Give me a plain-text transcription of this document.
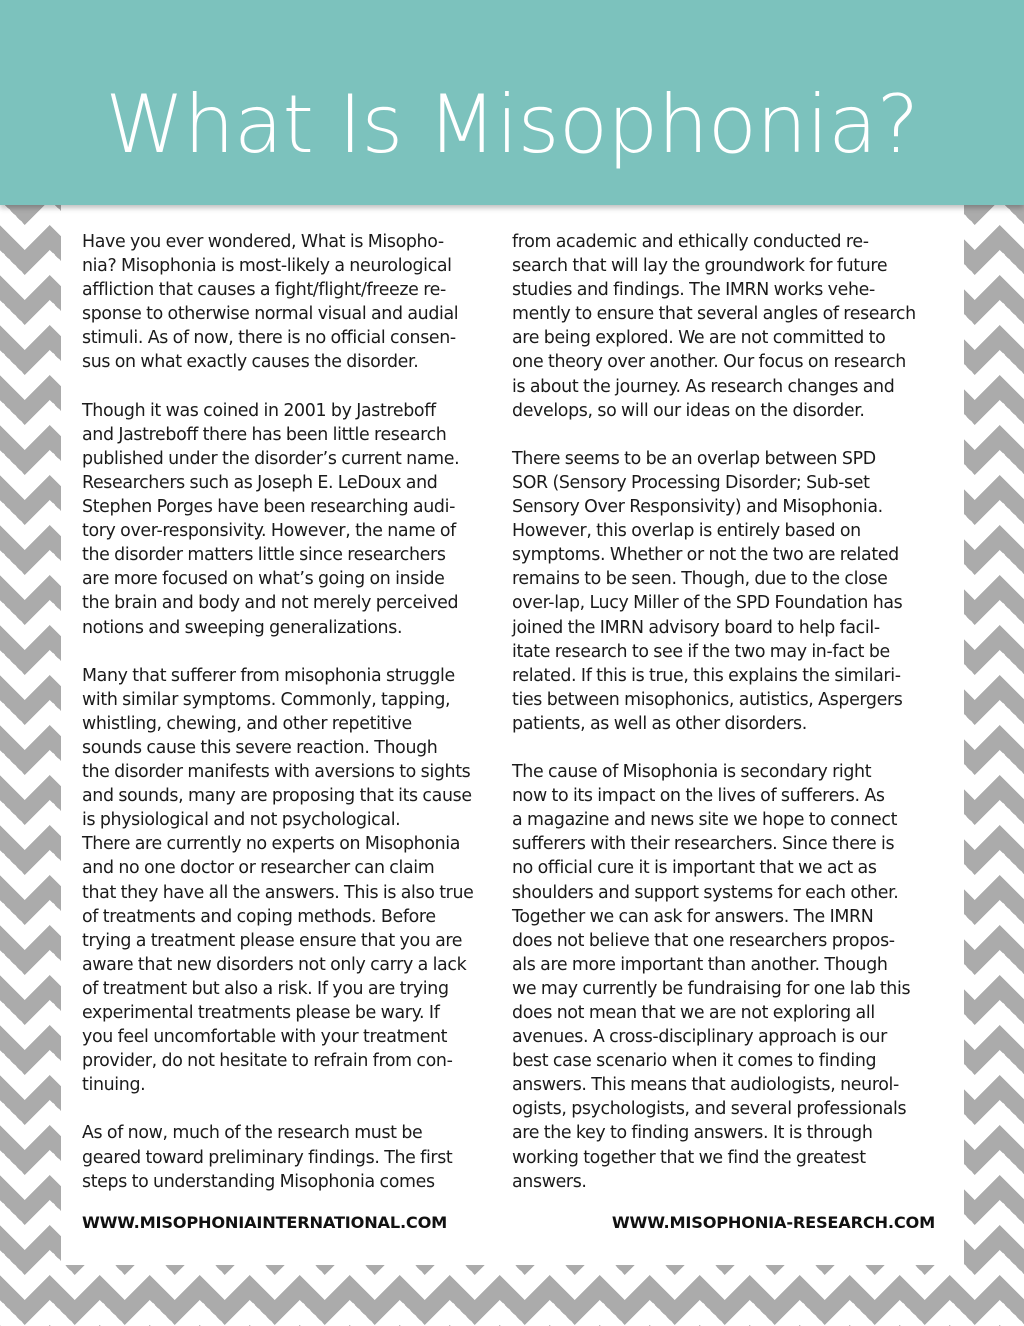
What Is Misophonia?

Have you ever wondered, What is Misopho-
nia? Misophonia is most-likely a neurological
affliction that causes a fight/flight/freeze re-
sponse to otherwise normal visual and audial
stimuli. As of now, there is no official consen-
sus on what exactly causes the disorder.

Though it was coined in 2001 by Jastreboff
and Jastreboff there has been little research
published under the disorder’s current name.
Researchers such as Joseph E. LeDoux and
Stephen Porges have been researching audi-
tory over-responsivity. However, the name of
the disorder matters little since researchers
are more focused on what’s going on inside
the brain and body and not merely perceived
notions and sweeping generalizations.

Many that sufferer from misophonia struggle
with similar symptoms. Commonly, tapping,
whistling, chewing, and other repetitive
sounds cause this severe reaction. Though
the disorder manifests with aversions to sights
and sounds, many are proposing that its cause
is physiological and not psychological.

There are currently no experts on Misophonia
and no one doctor or researcher can claim
that they have all the answers. This is also true
of treatments and coping methods. Before
trying a treatment please ensure that you are
aware that new disorders not only carry a lack
of treatment but also a risk. If you are trying
experimental treatments please be wary. If
you feel uncomfortable with your treatment
provider, do not hesitate to refrain from con-
tinuing.

As of now, much of the research must be
geared toward preliminary findings. The first
steps to understanding Misophonia comes

from academic and ethically conducted re-
search that will lay the groundwork for future
studies and findings. The IMRN works vehe-
mently to ensure that several angles of research
are being explored. We are not committed to
one theory over another. Our focus on research
is about the journey. As research changes and
develops, so will our ideas on the disorder.

There seems to be an overlap between SPD
SOR (Sensory Processing Disorder; Sub-set
Sensory Over Responsivity) and Misophonia.
However, this overlap is entirely based on
symptoms. Whether or not the two are related
remains to be seen. Though, due to the close
over-lap, Lucy Miller of the SPD Foundation has
joined the IMRN advisory board to help facil-
itate research to see if the two may in-fact be
related. If this is true, this explains the similari-
ties between misophonics, autistics, Aspergers
patients, as well as other disorders.

The cause of Misophonia is secondary right
now to its impact on the lives of sufferers. As
a magazine and news site we hope to connect
sufferers with their researchers. Since there is
no official cure it is important that we act as
shoulders and support systems for each other.
Together we can ask for answers. The IMRN
does not believe that one researchers propos-
als are more important than another. Though
we may currently be fundraising for one lab this
does not mean that we are not exploring all
avenues. A cross-disciplinary approach is our
best case scenario when it comes to finding
answers. This means that audiologists, neurol-
ogists, psychologists, and several professionals
are the key to finding answers. It is through
working together that we find the greatest
answers.

WWW.MISOPHONIAINTERNATIONAL.COM	WWW.MISOPHONIA-RESEARCH.COM
